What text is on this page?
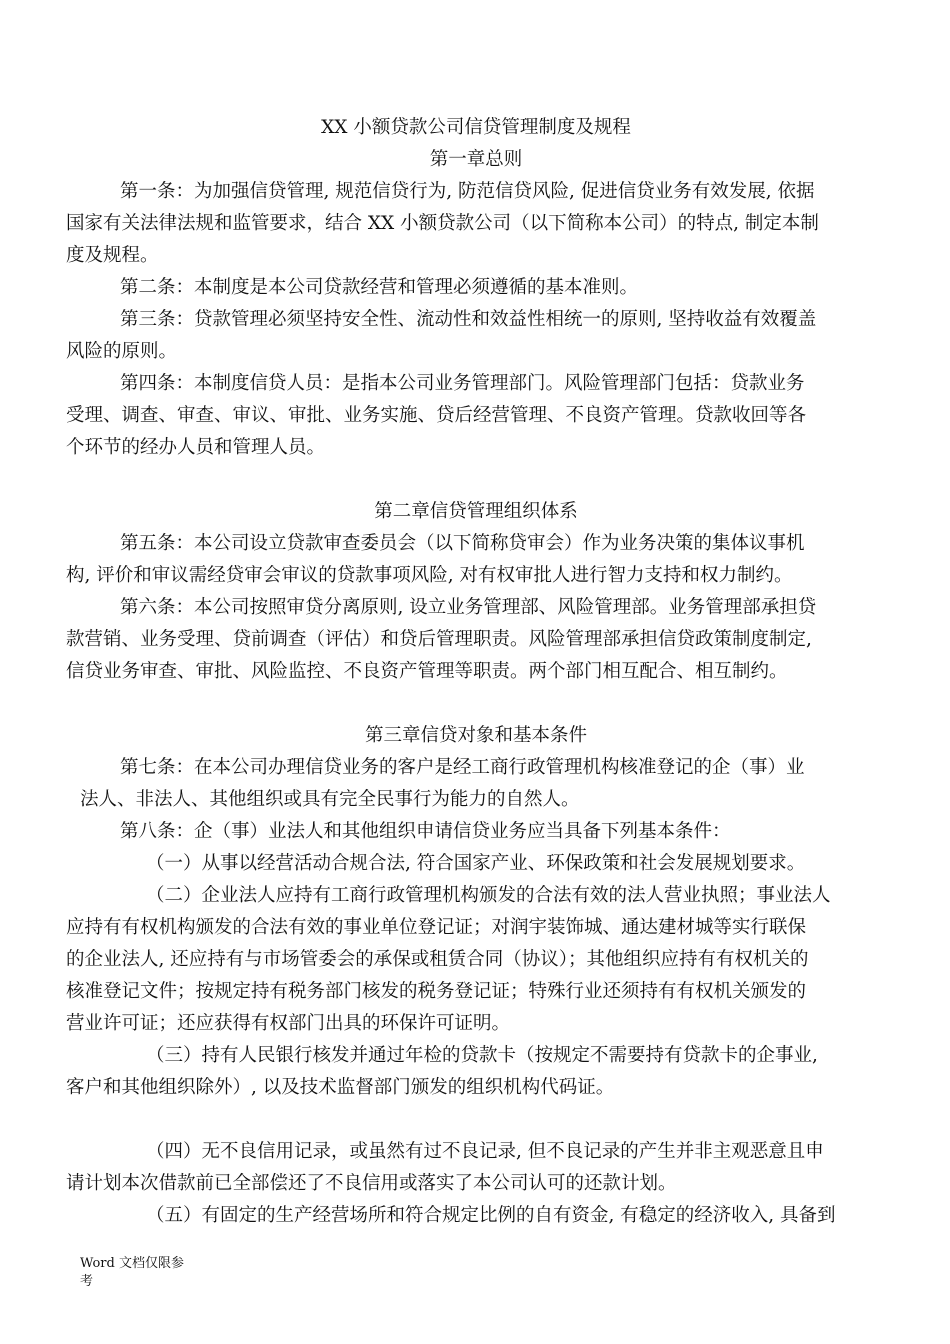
XX 小额贷款公司信贷管理制度及规程
第一章总则
第一条：为加强信贷管理, 规范信贷行为, 防范信贷风险, 促进信贷业务有效发展, 依据
国家有关法律法规和监管要求，结合 XX 小额贷款公司（以下简称本公司）的特点, 制定本制
度及规程。
第二条：本制度是本公司贷款经营和管理必须遵循的基本准则。
第三条：贷款管理必须坚持安全性、流动性和效益性相统一的原则, 坚持收益有效覆盖
风险的原则。
第四条：本制度信贷人员：是指本公司业务管理部门。风险管理部门包括：贷款业务
受理、调查、审查、审议、审批、业务实施、贷后经营管理、不良资产管理。贷款收回等各
个环节的经办人员和管理人员。
第二章信贷管理组织体系
第五条：本公司设立贷款审查委员会（以下简称贷审会）作为业务决策的集体议事机
构, 评价和审议需经贷审会审议的贷款事项风险, 对有权审批人进行智力支持和权力制约。
第六条：本公司按照审贷分离原则, 设立业务管理部、风险管理部。业务管理部承担贷
款营销、业务受理、贷前调查（评估）和贷后管理职责。风险管理部承担信贷政策制度制定,
信贷业务审查、审批、风险监控、不良资产管理等职责。两个部门相互配合、相互制约。
第三章信贷对象和基本条件
第七条：在本公司办理信贷业务的客户是经工商行政管理机构核准登记的企（事）业
法人、非法人、其他组织或具有完全民事行为能力的自然人。
第八条：企（事）业法人和其他组织申请信贷业务应当具备下列基本条件：
（一）从事以经营活动合规合法, 符合国家产业、环保政策和社会发展规划要求。
（二）企业法人应持有工商行政管理机构颁发的合法有效的法人营业执照；事业法人
应持有有权机构颁发的合法有效的事业单位登记证；对润宇装饰城、通达建材城等实行联保
的企业法人, 还应持有与市场管委会的承保或租赁合同（协议）；其他组织应持有有权机关的
核准登记文件；按规定持有税务部门核发的税务登记证；特殊行业还须持有有权机关颁发的
营业许可证；还应获得有权部门出具的环保许可证明。
（三）持有人民银行核发并通过年检的贷款卡（按规定不需要持有贷款卡的企事业,
客户和其他组织除外）, 以及技术监督部门颁发的组织机构代码证。
（四）无不良信用记录，或虽然有过不良记录, 但不良记录的产生并非主观恶意且申
请计划本次借款前已全部偿还了不良信用或落实了本公司认可的还款计划。
（五）有固定的生产经营场所和符合规定比例的自有资金, 有稳定的经济收入, 具备到
Word 文档仅限参
考
